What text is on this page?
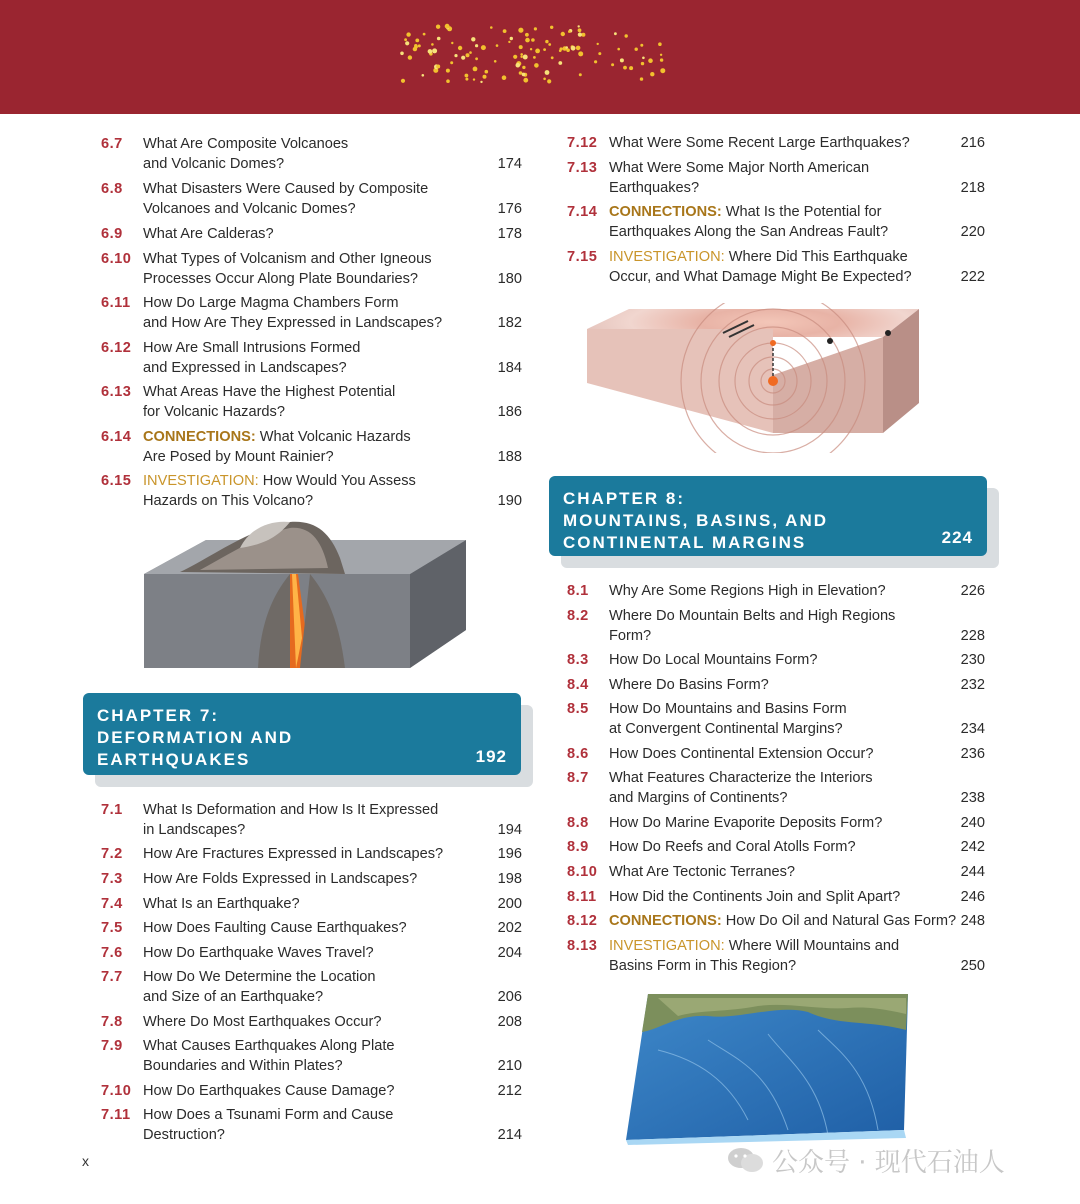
6.7 What Are Composite Volcanoes
and Volcanic Domes?	174
6.8 What Disasters Were Caused by Composite
Volcanoes and Volcanic Domes?	176
6.9 What Are Calderas?	178
6.10 What Types of Volcanism and Other Igneous
Processes Occur Along Plate Boundaries?	180
6.11 How Do Large Magma Chambers Form
and How Are They Expressed in Landscapes?	182
6.12 How Are Small Intrusions Formed
and Expressed in Landscapes?	184
6.13 What Areas Have the Highest Potential
for Volcanic Hazards?	186
6.14 CONNECTIONS: What Volcanic Hazards
Are Posed by Mount Rainier?	188
6.15 INVESTIGATION: How Would You Assess
Hazards on This Volcano?	190
CHAPTER 7:
DEFORMATION AND
EARTHQUAKES	192
7.1 What Is Deformation and How Is It Expressed
in Landscapes?	194
7.2 How Are Fractures Expressed in Landscapes?	196
7.3 How Are Folds Expressed in Landscapes?	198
7.4 What Is an Earthquake?	200
7.5 How Does Faulting Cause Earthquakes?	202
7.6 How Do Earthquake Waves Travel?	204
7.7 How Do We Determine the Location
and Size of an Earthquake?	206
7.8 Where Do Most Earthquakes Occur?	208
7.9 What Causes Earthquakes Along Plate
Boundaries and Within Plates?	210
7.10 How Do Earthquakes Cause Damage?	212
7.11 How Does a Tsunami Form and Cause
Destruction?	214
7.12 What Were Some Recent Large Earthquakes?	216
7.13 What Were Some Major North American
Earthquakes?	218
7.14 CONNECTIONS: What Is the Potential for
Earthquakes Along the San Andreas Fault?	220
7.15 INVESTIGATION: Where Did This Earthquake
Occur, and What Damage Might Be Expected?	222
CHAPTER 8:
MOUNTAINS, BASINS, AND
CONTINENTAL MARGINS	224
8.1 Why Are Some Regions High in Elevation?	226
8.2 Where Do Mountain Belts and High Regions
Form?	228
8.3 How Do Local Mountains Form?	230
8.4 Where Do Basins Form?	232
8.5 How Do Mountains and Basins Form
at Convergent Continental Margins?	234
8.6 How Does Continental Extension Occur?	236
8.7 What Features Characterize the Interiors
and Margins of Continents?	238
8.8 How Do Marine Evaporite Deposits Form?	240
8.9 How Do Reefs and Coral Atolls Form?	242
8.10 What Are Tectonic Terranes?	244
8.11 How Did the Continents Join and Split Apart?	246
8.12 CONNECTIONS: How Do Oil and Natural Gas Form? 248
8.13 INVESTIGATION: Where Will Mountains and
Basins Form in This Region?	250
x	公众号 · 现代石油人
